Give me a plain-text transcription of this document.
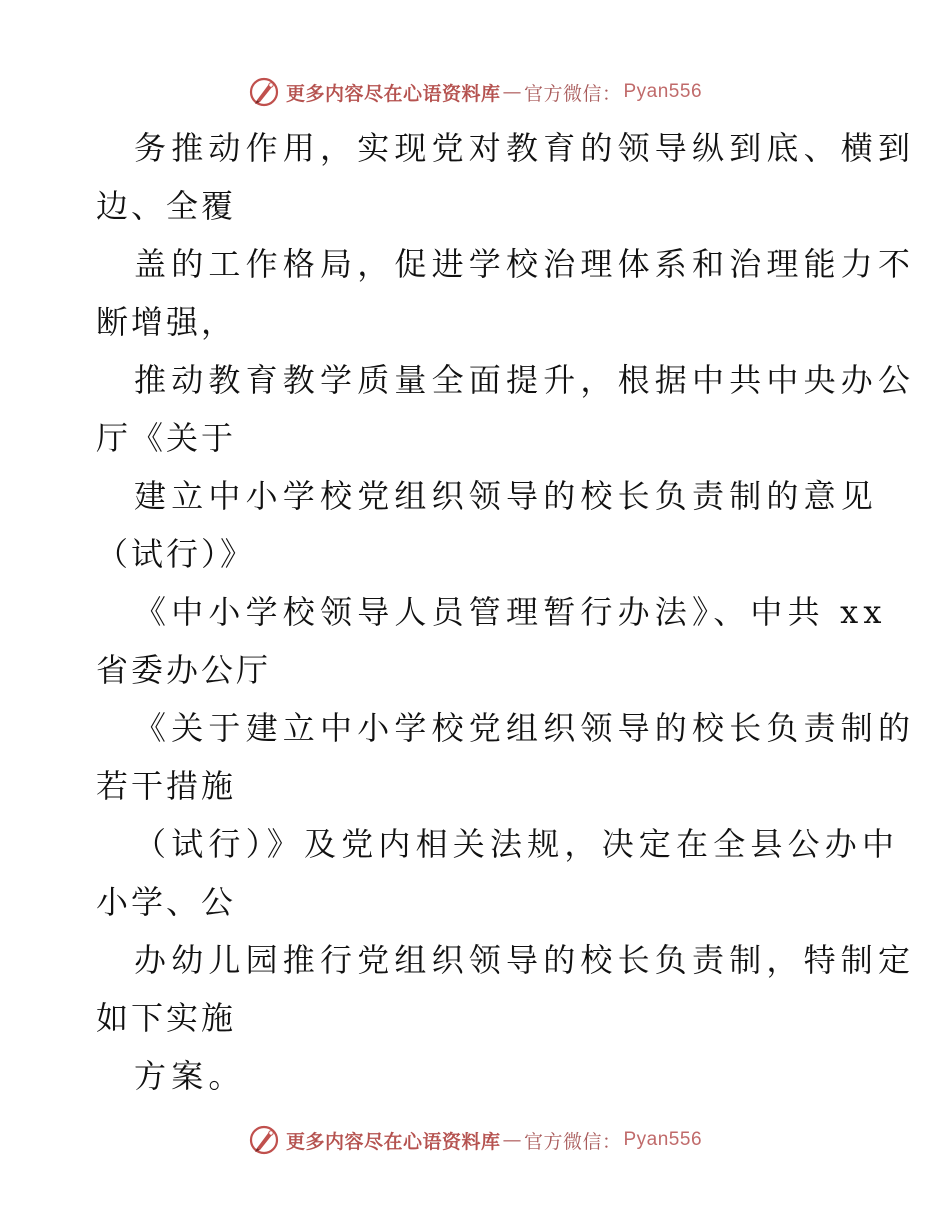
更多内容尽在心语资料库 — 官方微信： Pyan556
务推动作用，实现党对教育的领导纵到底、横到
边、全覆
盖的工作格局，促进学校治理体系和治理能力不
断增强，
推动教育教学质量全面提升，根据中共中央办公
厅《关于
建立中小学校党组织领导的校长负责制的意见
（试行）》
《中小学校领导人员管理暂行办法》、中共 xx
省委办公厅
《关于建立中小学校党组织领导的校长负责制的
若干措施
（试行）》及党内相关法规，决定在全县公办中
小学、公
办幼儿园推行党组织领导的校长负责制，特制定
如下实施
方案。
更多内容尽在心语资料库 — 官方微信： Pyan556
